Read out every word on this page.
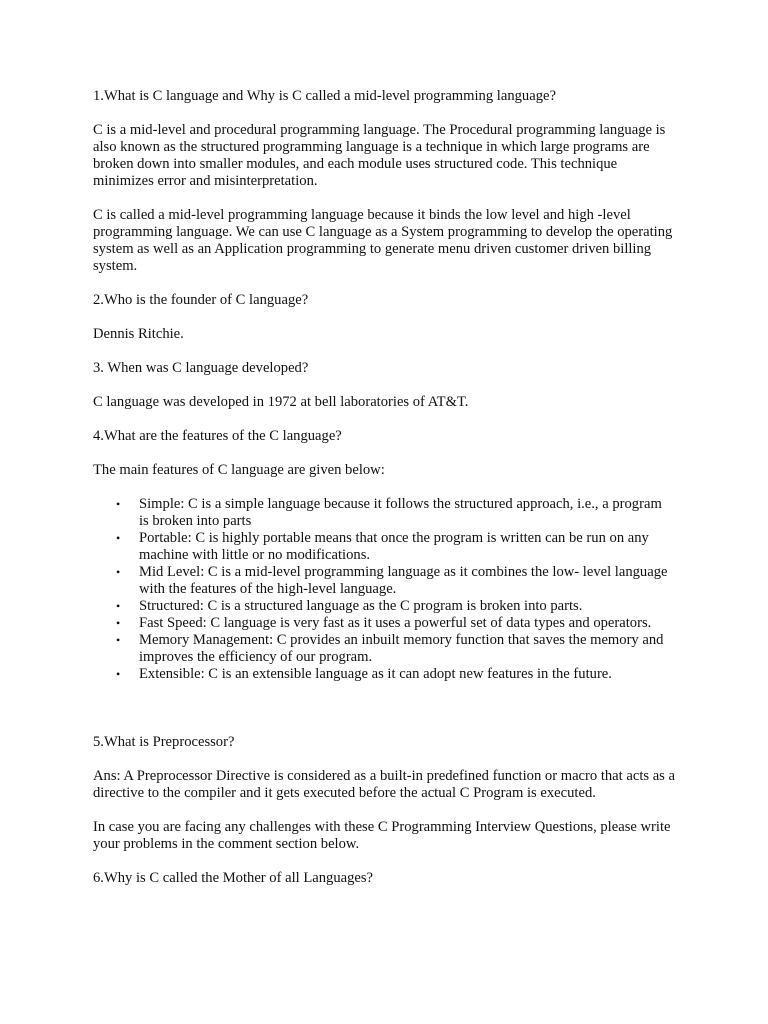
1.What is C language and Why is C called a mid-level programming language?

C is a mid-level and procedural programming language. The Procedural programming language is also known as the structured programming language is a technique in which large programs are broken down into smaller modules, and each module uses structured code. This technique minimizes error and misinterpretation.

C is called a mid-level programming language because it binds the low level and high -level programming language. We can use C language as a System programming to develop the operating system as well as an Application programming to generate menu driven customer driven billing system.

2.Who is the founder of C language?

Dennis Ritchie.

3. When was C language developed?

C language was developed in 1972 at bell laboratories of AT&T.

4.What are the features of the C language?

The main features of C language are given below:

• Simple: C is a simple language because it follows the structured approach, i.e., a program is broken into parts
• Portable: C is highly portable means that once the program is written can be run on any machine with little or no modifications.
• Mid Level: C is a mid-level programming language as it combines the low- level language with the features of the high-level language.
• Structured: C is a structured language as the C program is broken into parts.
• Fast Speed: C language is very fast as it uses a powerful set of data types and operators.
• Memory Management: C provides an inbuilt memory function that saves the memory and improves the efficiency of our program.
• Extensible: C is an extensible language as it can adopt new features in the future.

5.What is Preprocessor?

Ans: A Preprocessor Directive is considered as a built-in predefined function or macro that acts as a directive to the compiler and it gets executed before the actual C Program is executed.

In case you are facing any challenges with these C Programming Interview Questions, please write your problems in the comment section below.

6.Why is C called the Mother of all Languages?
